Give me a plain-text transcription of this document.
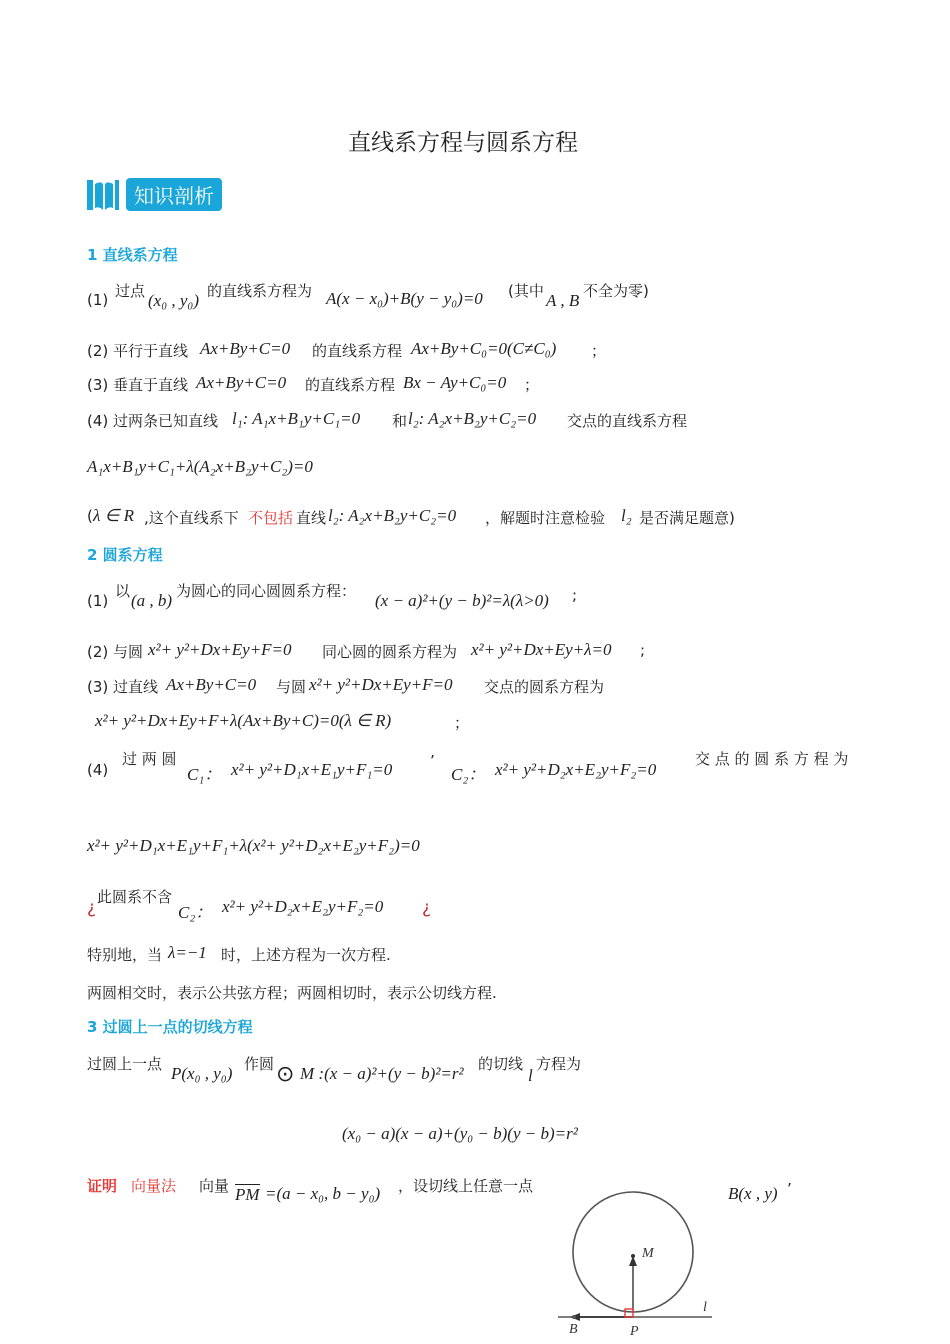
直线系方程与圆系方程
知识剖析
1 直线系方程
(1) 过点 (x₀ , y₀) 的直线系方程为 A(x − x₀)+B(y − y₀)=0 (其中 A , B 不全为零)
(2) 平行于直线 Ax+By+C=0 的直线系方程 Ax+By+C₀=0(C≠C₀) ；
(3) 垂直于直线 Ax+By+C=0 的直线系方程 Bx − Ay+C₀=0 ；
(4) 过两条已知直线 l₁: A₁x+B₁y+C₁=0 和 l₂: A₂x+B₂y+C₂=0 交点的直线系方程
A₁x+B₁y+C₁+λ(A₂x+B₂y+C₂)=0
( λ ∈ R ,这个直线系下 不包括 直线 l₂: A₂x+B₂y+C₂=0 ，解题时注意检验 l₂ 是否满足题意)
2 圆系方程
(1)
以 (a , b) 为圆心的同心圆圆系方程： (x − a)²+(y − b)²=λ(λ>0) ;
(2) 与圆 x²+ y²+Dx+Ey+F=0 同心圆的圆系方程为 x²+ y²+Dx+Ey+λ=0 ;
(3) 过直线 Ax+By+C=0 与圆 x²+ y²+Dx+Ey+F=0 交点的圆系方程为
x²+ y²+Dx+Ey+F+λ(Ax+By+C)=0(λ ∈ R)	；
(4)
过 两 圆
C₁： x²+ y²+D₁x+E₁y+F₁=0	’
C₂： x²+ y²+D₂x+E₂y+F₂=0
交 点 的 圆 系 方 程 为
x²+ y²+D₁x+E₁y+F₁+λ(x²+ y²+D₂x+E₂y+F₂)=0
¿
此圆系不含
C₂： x²+ y²+D₂x+E₂y+F₂=0 ¿
特别地，当 λ=−1 时，上述方程为一次方程.
两圆相交时，表示公共弦方程；两圆相切时，表示公切线方程.
3 过圆上一点的切线方程
过圆上一点 P(x₀ , y₀) 作圆 ⊙ M :(x − a)²+(y − b)²=r² 的切线
l
方程为
(x₀ − a)(x − a)+(y₀ − b)(y − b)=r²
证明 向量法 向量 PM =(a − x₀, b − y₀) ，设切线上任意一点	B(x , y) ’
M
l
B	P
